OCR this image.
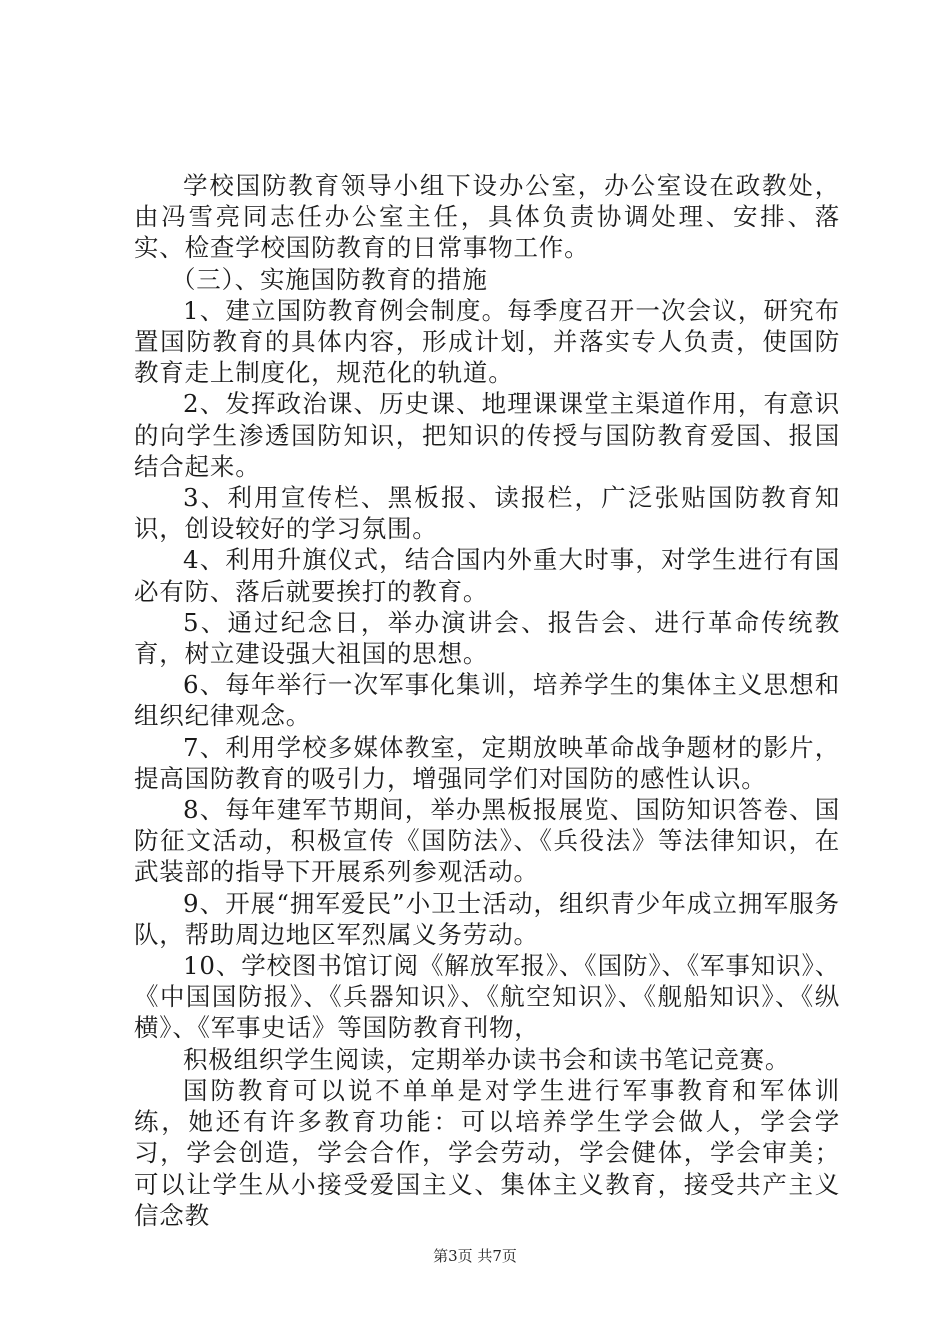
学校国防教育领导小组下设办公室，办公室设在政教处，由冯雪亮同志任办公室主任，具体负责协调处理、安排、落实、检查学校国防教育的日常事物工作。

（三）、实施国防教育的措施

1、建立国防教育例会制度。每季度召开一次会议，研究布置国防教育的具体内容，形成计划，并落实专人负责，使国防教育走上制度化，规范化的轨道。

2、发挥政治课、历史课、地理课课堂主渠道作用，有意识的向学生渗透国防知识，把知识的传授与国防教育爱国、报国结合起来。

3、利用宣传栏、黑板报、读报栏，广泛张贴国防教育知识，创设较好的学习氛围。

4、利用升旗仪式，结合国内外重大时事，对学生进行有国必有防、落后就要挨打的教育。

5、通过纪念日，举办演讲会、报告会、进行革命传统教育，树立建设强大祖国的思想。

6、每年举行一次军事化集训，培养学生的集体主义思想和组织纪律观念。

7、利用学校多媒体教室，定期放映革命战争题材的影片，提高国防教育的吸引力，增强同学们对国防的感性认识。

8、每年建军节期间，举办黑板报展览、国防知识答卷、国防征文活动，积极宣传《国防法》、《兵役法》等法律知识，在武装部的指导下开展系列参观活动。

9、开展“拥军爱民”小卫士活动，组织青少年成立拥军服务队，帮助周边地区军烈属义务劳动。

10、学校图书馆订阅《解放军报》、《国防》、《军事知识》、《中国国防报》、《兵器知识》、《航空知识》、《舰船知识》、《纵横》、《军事史话》等国防教育刊物，

积极组织学生阅读，定期举办读书会和读书笔记竞赛。

国防教育可以说不单单是对学生进行军事教育和军体训练，她还有许多教育功能：可以培养学生学会做人，学会学习，学会创造，学会合作，学会劳动，学会健体，学会审美；可以让学生从小接受爱国主义、集体主义教育，接受共产主义信念教

第3页 共7页
